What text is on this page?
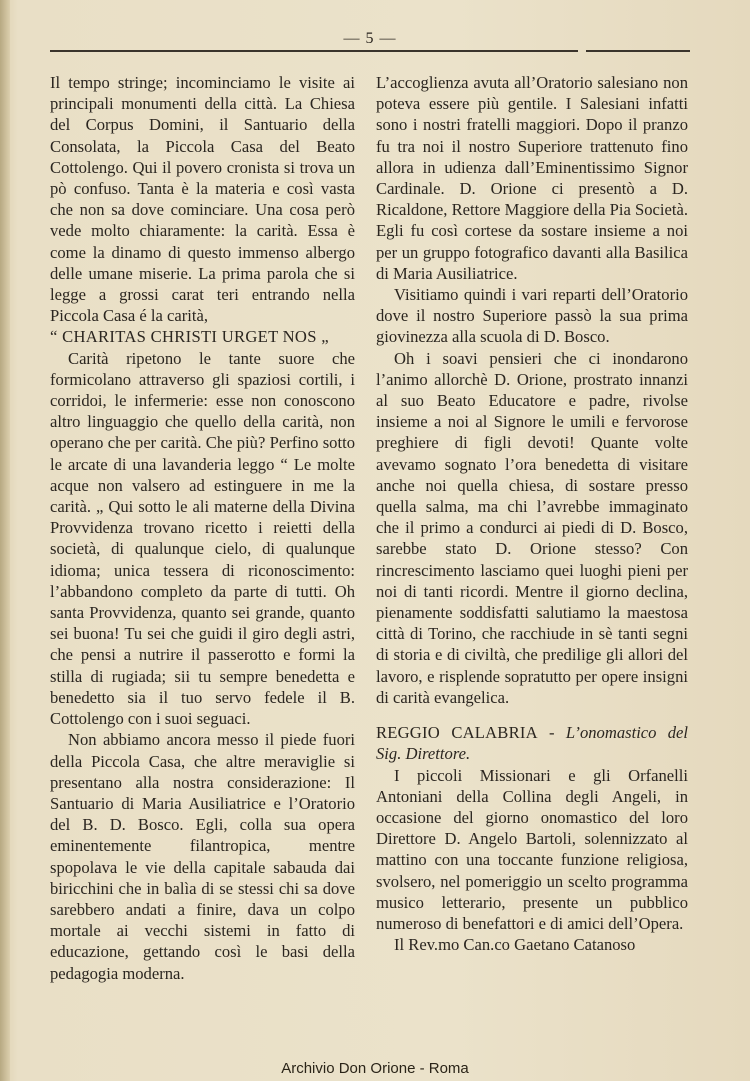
— 5 —

Il tempo stringe; incominciamo le visite ai principali monumenti della città. La Chiesa del Corpus Domini, il Santuario della Consolata, la Piccola Casa del Beato Cottolengo. Qui il povero cronista si trova un pò confuso. Tanta è la materia e così vasta che non sa dove cominciare. Una cosa però vede molto chiaramente: la carità. Essa è come la dinamo di questo immenso albergo delle umane miserie. La prima parola che si legge a grossi carat teri entrando nella Piccola Casa é la carità,

“ CHARITAS CHRISTI URGET NOS „

Carità ripetono le tante suore che formicolano attraverso gli spaziosi cortili, i corridoi, le infermerie: esse non conoscono altro linguaggio che quello della carità, non operano che per carità. Che più? Perfino sotto le arcate di una lavanderia leggo “ Le molte acque non valsero ad estinguere in me la carità. „ Qui sotto le ali materne della Divina Provvidenza trovano ricetto i reietti della società, di qualunque cielo, di qualunque idioma; unica tessera di riconoscimento: l’abbandono completo da parte di tutti. Oh santa Provvidenza, quanto sei grande, quanto sei buona! Tu sei che guidi il giro degli astri, che pensi a nutrire il passerotto e formi la stilla di rugiada; sii tu sempre benedetta e benedetto sia il tuo servo fedele il B. Cottolengo con i suoi seguaci.

Non abbiamo ancora messo il piede fuori della Piccola Casa, che altre meraviglie si presentano alla nostra considerazione: Il Santuario di Maria Ausiliatrice e l’Oratorio del B. D. Bosco. Egli, colla sua opera eminentemente filantropica, mentre spopolava le vie della capitale sabauda dai biricchini che in balìa di se stessi chi sa dove sarebbero andati a finire, dava un colpo mortale ai vecchi sistemi in fatto di educazione, gettando così le basi della pedagogia moderna.

L’accoglienza avuta all’Oratorio salesiano non poteva essere più gentile. I Salesiani infatti sono i nostri fratelli maggiori. Dopo il pranzo fu tra noi il nostro Superiore trattenuto fino allora in udienza dall’Eminentissimo Signor Cardinale. D. Orione ci presentò a D. Ricaldone, Rettore Maggiore della Pia Società. Egli fu così cortese da sostare insieme a noi per un gruppo fotografico davanti alla Basilica di Maria Ausiliatrice.

Visitiamo quindi i vari reparti dell’Oratorio dove il nostro Superiore passò la sua prima giovinezza alla scuola di D. Bosco.

Oh i soavi pensieri che ci inondarono l’animo allorchè D. Orione, prostrato innanzi al suo Beato Educatore e padre, rivolse insieme a noi al Signore le umili e fervorose preghiere di figli devoti! Quante volte avevamo sognato l’ora benedetta di visitare anche noi quella chiesa, di sostare presso quella salma, ma chi l’avrebbe immaginato che il primo a condurci ai piedi di D. Bosco, sarebbe stato D. Orione stesso? Con rincrescimento lasciamo quei luoghi pieni per noi di tanti ricordi. Mentre il giorno declina, pienamente soddisfatti salutiamo la maestosa città di Torino, che racchiude in sè tanti segni di storia e di civiltà, che predilige gli allori del lavoro, e risplende sopratutto per opere insigni di carità evangelica.

REGGIO CALABRIA - L’onomastico del Sig. Direttore.

I piccoli Missionari e gli Orfanelli Antoniani della Collina degli Angeli, in occasione del giorno onomastico del loro Direttore D. Angelo Bartoli, solennizzato al mattino con una toccante funzione religiosa, svolsero, nel pomeriggio un scelto programma musico letterario, presente un pubblico numeroso di benefattori e di amici dell’Opera.

Il Rev.mo Can.co Gaetano Catanoso

Archivio Don Orione - Roma
